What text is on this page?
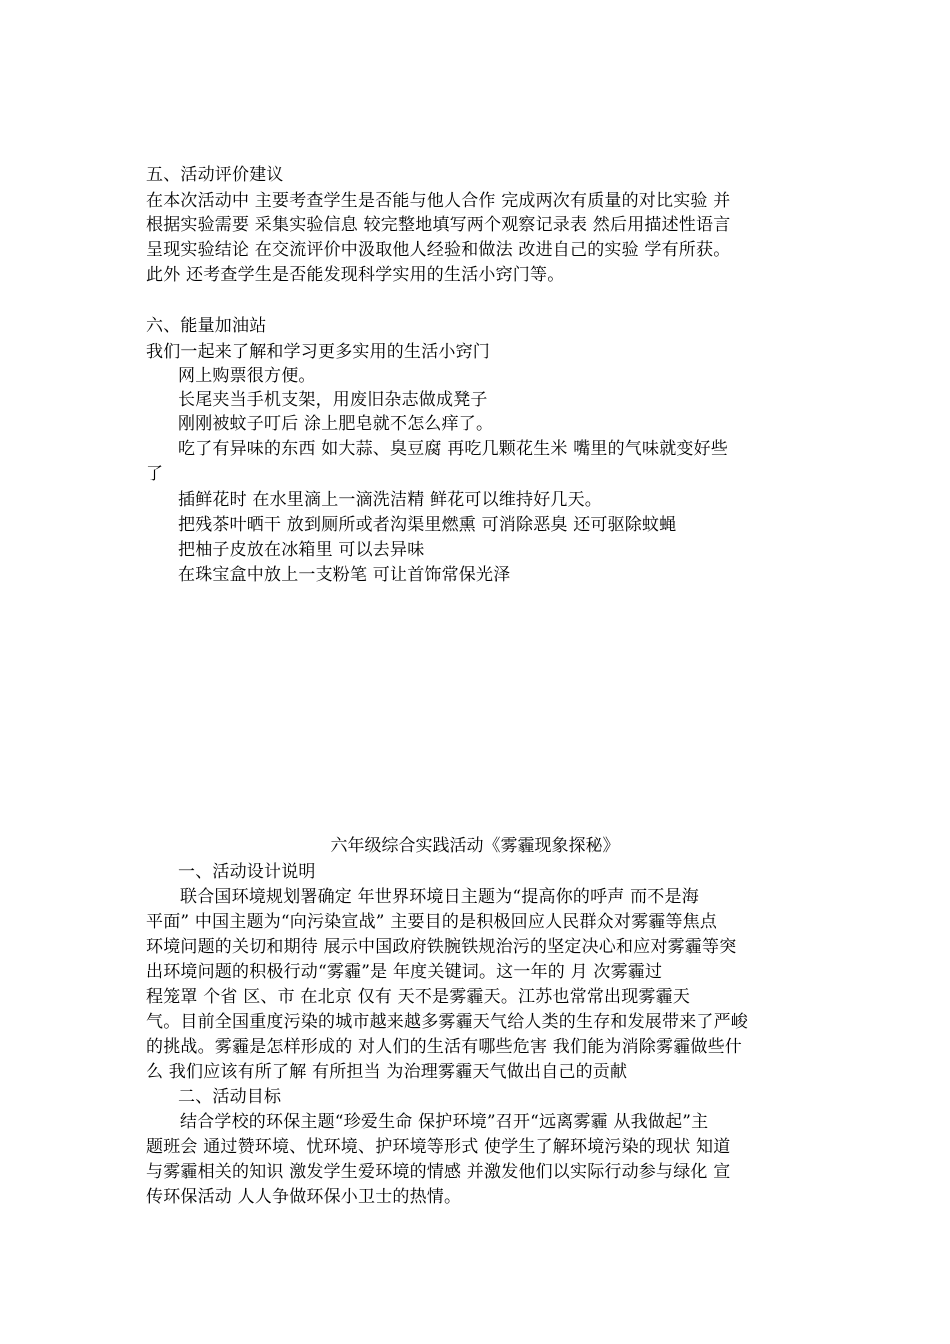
五、活动评价建议
在本次活动中 主要考查学生是否能与他人合作 完成两次有质量的对比实验 并
根据实验需要 采集实验信息 较完整地填写两个观察记录表 然后用描述性语言
呈现实验结论 在交流评价中汲取他人经验和做法 改进自己的实验 学有所获。
此外 还考查学生是否能发现科学实用的生活小窍门等。
六、能量加油站
我们一起来了解和学习更多实用的生活小窍门
网上购票很方便。
长尾夹当手机支架，用废旧杂志做成凳子
刚刚被蚊子叮后 涂上肥皂就不怎么痒了。
吃了有异味的东西 如大蒜、臭豆腐 再吃几颗花生米 嘴里的气味就变好些
了
插鲜花时 在水里滴上一滴洗洁精 鲜花可以维持好几天。
把残茶叶晒干 放到厕所或者沟渠里燃熏 可消除恶臭 还可驱除蚊蝇
把柚子皮放在冰箱里 可以去异味
在珠宝盒中放上一支粉笔 可让首饰常保光泽
六年级综合实践活动《雾霾现象探秘》
一、活动设计说明
联合国环境规划署确定 年世界环境日主题为“提高你的呼声 而不是海
平面” 中国主题为“向污染宣战” 主要目的是积极回应人民群众对雾霾等焦点
环境问题的关切和期待 展示中国政府铁腕铁规治污的坚定决心和应对雾霾等突
出环境问题的积极行动“雾霾”是 年度关键词。这一年的 月 次雾霾过
程笼罩 个省 区、市 在北京 仅有 天不是雾霾天。江苏也常常出现雾霾天
气。目前全国重度污染的城市越来越多雾霾天气给人类的生存和发展带来了严峻
的挑战。雾霾是怎样形成的 对人们的生活有哪些危害 我们能为消除雾霾做些什
么 我们应该有所了解 有所担当 为治理雾霾天气做出自己的贡献
二、活动目标
结合学校的环保主题“珍爱生命 保护环境”召开“远离雾霾 从我做起”主
题班会 通过赞环境、忧环境、护环境等形式 使学生了解环境污染的现状 知道
与雾霾相关的知识 激发学生爱环境的情感 并激发他们以实际行动参与绿化 宣
传环保活动 人人争做环保小卫士的热情。
